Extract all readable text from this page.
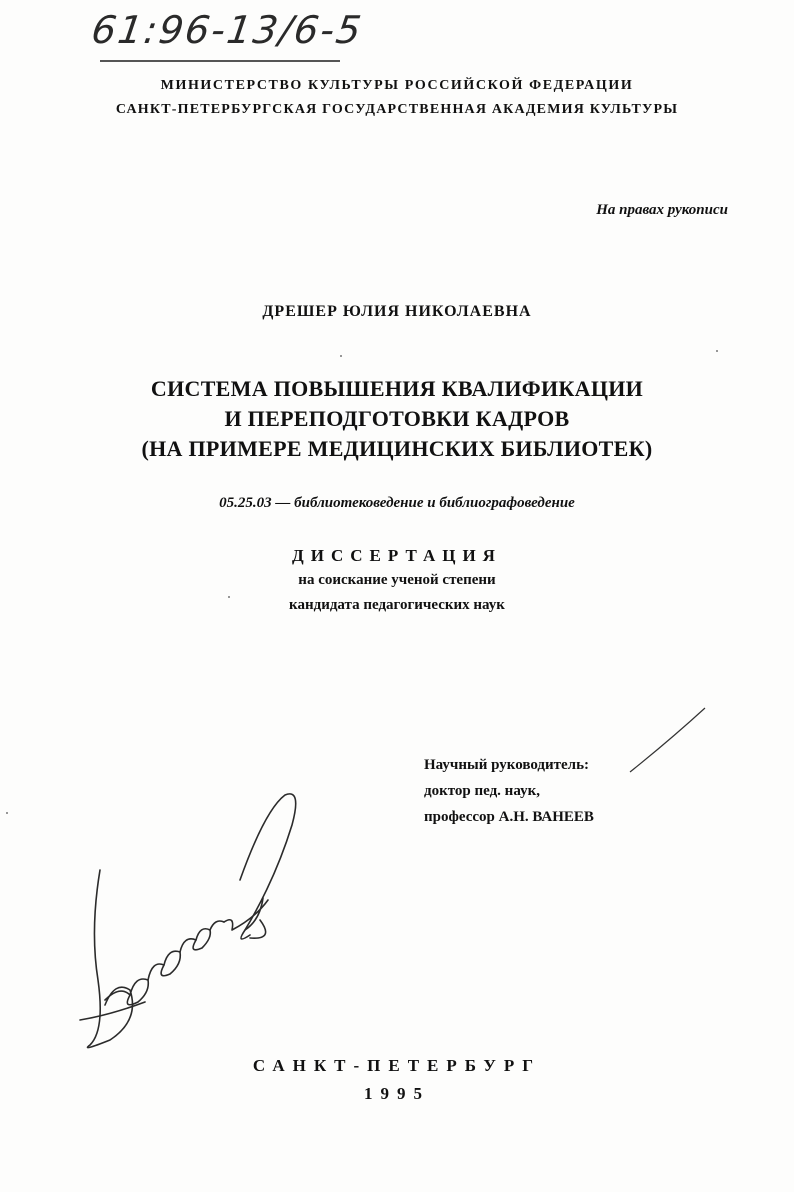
61:96-13/6-5
МИНИСТЕРСТВО КУЛЬТУРЫ РОССИЙСКОЙ ФЕДЕРАЦИИ
САНКТ-ПЕТЕРБУРГСКАЯ ГОСУДАРСТВЕННАЯ АКАДЕМИЯ КУЛЬТУРЫ
На правах рукописи
ДРЕШЕР ЮЛИЯ НИКОЛАЕВНА
СИСТЕМА ПОВЫШЕНИЯ КВАЛИФИКАЦИИ
И ПЕРЕПОДГОТОВКИ КАДРОВ
(НА ПРИМЕРЕ МЕДИЦИНСКИХ БИБЛИОТЕК)
05.25.03 — библиотековедение и библиографоведение
ДИССЕРТАЦИЯ
на соискание ученой степени
кандидата педагогических наук
Научный руководитель:
доктор пед. наук,
профессор А.Н. ВАНЕЕВ
САНКТ-ПЕТЕРБУРГ
1995
